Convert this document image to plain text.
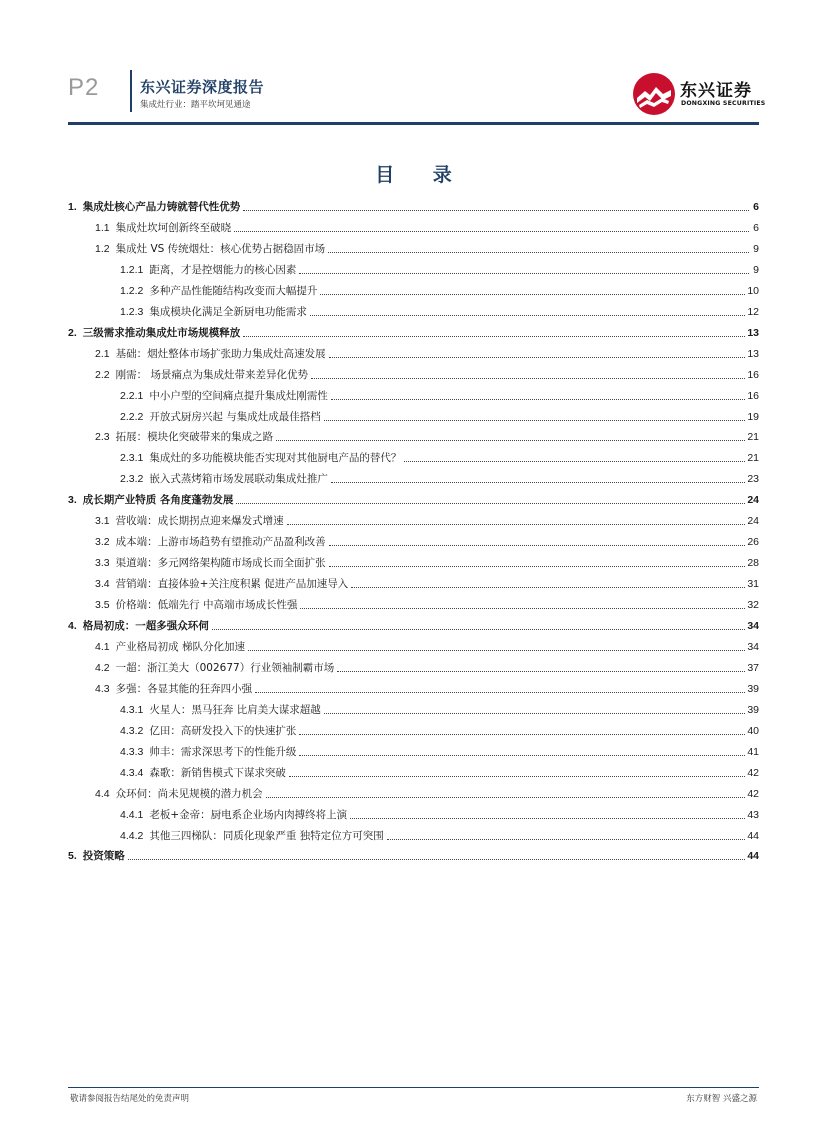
P2	东兴证券深度报告
集成灶行业：踏平坎坷见通途
东兴证券
DONGXING SECURITIES
目 录
1. 集成灶核心产品力铸就替代性优势	6
1.1 集成灶坎坷创新终至破晓	6
1.2 集成灶 VS 传统烟灶：核心优势占据稳固市场	9
1.2.1 距离，才是控烟能力的核心因素	9
1.2.2 多种产品性能随结构改变而大幅提升	10
1.2.3 集成模块化满足全新厨电功能需求	12
2. 三级需求推动集成灶市场规模释放	13
2.1 基础：烟灶整体市场扩张助力集成灶高速发展	13
2.2 刚需： 场景痛点为集成灶带来差异化优势	16
2.2.1 中小户型的空间痛点提升集成灶刚需性	16
2.2.2 开放式厨房兴起 与集成灶成最佳搭档	19
2.3 拓展：模块化突破带来的集成之路	21
2.3.1 集成灶的多功能模块能否实现对其他厨电产品的替代？	21
2.3.2 嵌入式蒸烤箱市场发展联动集成灶推广	23
3. 成长期产业特质 各角度蓬勃发展	24
3.1 营收端：成长期拐点迎来爆发式增速	24
3.2 成本端：上游市场趋势有望推动产品盈利改善	26
3.3 渠道端：多元网络架构随市场成长而全面扩张	28
3.4 营销端：直接体验+关注度积累 促进产品加速导入	31
3.5 价格端：低端先行 中高端市场成长性强	32
4. 格局初成：一超多强众环伺	34
4.1 产业格局初成 梯队分化加速	34
4.2 一超：浙江美大（002677）行业领袖制霸市场	37
4.3 多强：各显其能的狂奔四小强	39
4.3.1 火星人：黑马狂奔 比肩美大谋求超越	39
4.3.2 亿田：高研发投入下的快速扩张	40
4.3.3 帅丰：需求深思考下的性能升级	41
4.3.4 森歌：新销售模式下谋求突破	42
4.4 众环伺：尚未见规模的潜力机会	42
4.4.1 老板+金帝：厨电系企业场内肉搏终将上演	43
4.4.2 其他三四梯队：同质化现象严重 独特定位方可突围	44
5. 投资策略	44
敬请参阅报告结尾处的免责声明	东方财智 兴盛之源
